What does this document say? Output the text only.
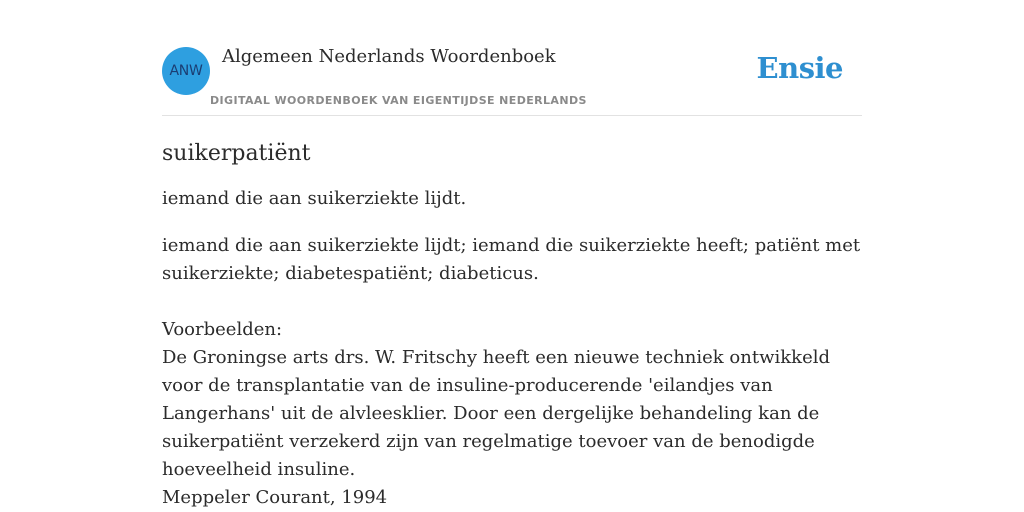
ANW
Algemeen Nederlands Woordenboek
DIGITAAL WOORDENBOEK VAN EIGENTIJDSE NEDERLANDS
Ensie
suikerpatiënt

iemand die aan suikerziekte lijdt.

iemand die aan suikerziekte lijdt; iemand die suikerziekte heeft; patiënt met suikerziekte; diabetespatiënt; diabeticus.

Voorbeelden:

De Groningse arts drs. W. Fritschy heeft een nieuwe techniek ontwikkeld voor de transplantatie van de insuline-producerende 'eilandjes van Langerhans' uit de alvleesklier. Door een dergelijke behandeling kan de suikerpatiënt verzekerd zijn van regelmatige toevoer van de benodigde hoeveelheid insuline.

Meppeler Courant, 1994
